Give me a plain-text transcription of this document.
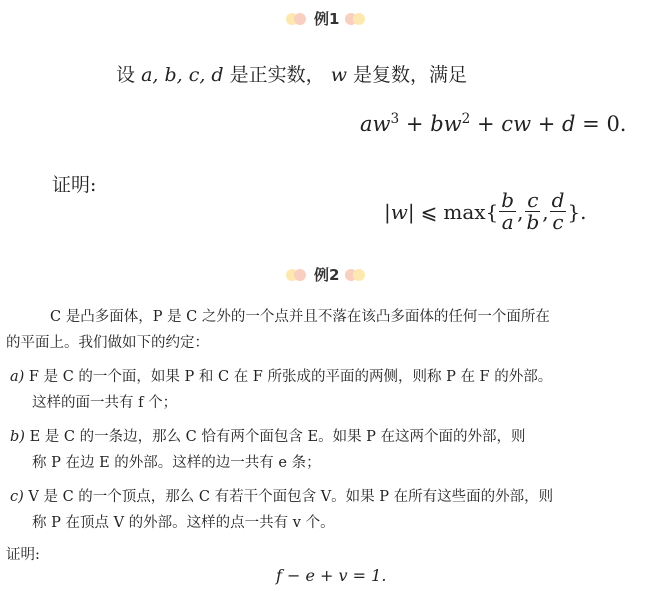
例1
设 a, b, c, d 是正实数， w 是复数，满足
$aw^3 + bw^2$ + cw + d = 0.
证明:
|w| ⩽ $\max\{ \frac{b}{a}$ , $\frac{c}{b}$ , $\frac{d}{c}$ }.
例2
C 是凸多面体，P 是 C 之外的一个点并且不落在该凸多面体的任何一个面所在
的平面上。我们做如下的约定：
a) F 是 C 的一个面，如果 P 和 C 在 F 所张成的平面的两侧，则称 P 在 F 的外部。
这样的面一共有 f 个；
b) E 是 C 的一条边，那么 C 恰有两个面包含 E。如果 P 在这两个面的外部，则
称 P 在边 E 的外部。这样的边一共有 e 条；
c) V 是 C 的一个顶点，那么 C 有若干个面包含 V。如果 P 在所有这些面的外部，则
称 P 在顶点 V 的外部。这样的点一共有 v 个。
证明:
f − e + v = 1.
